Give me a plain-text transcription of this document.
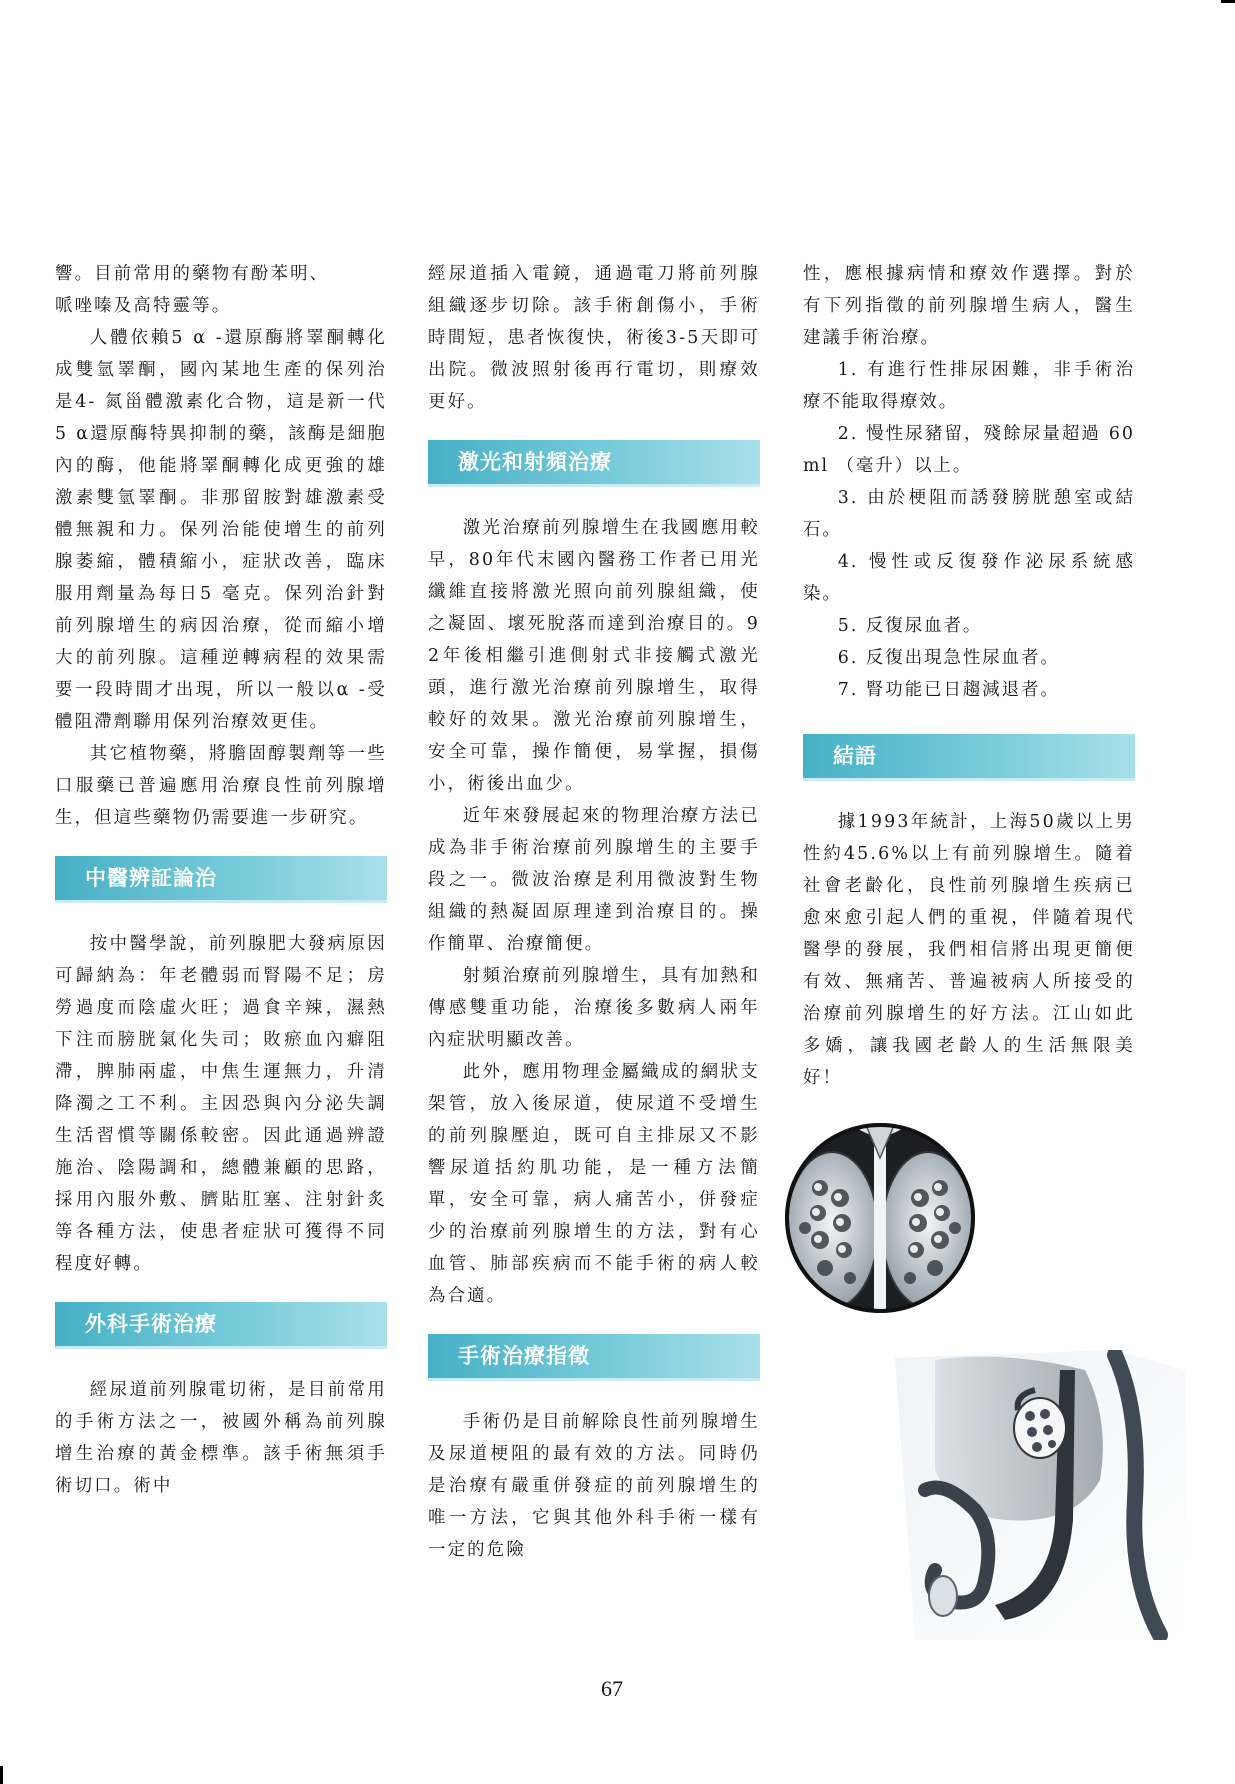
響。目前常用的藥物有酚苯明、
哌唑嗪及高特靈等。

人體依賴5 α -還原酶將睪酮轉化成雙氫睪酮，國內某地生產的保列治是4- 氮甾體激素化合物，這是新一代5 α還原酶特異抑制的藥，該酶是細胞內的酶，他能將睪酮轉化成更強的雄激素雙氫睪酮。非那留胺對雄激素受體無親和力。保列治能使增生的前列腺萎縮，體積縮小，症狀改善，臨床服用劑量為每日5 毫克。保列治針對前列腺增生的病因治療，從而縮小增大的前列腺。這種逆轉病程的效果需要一段時間才出現，所以一般以α -受體阻滯劑聯用保列治療效更佳。

其它植物藥，將膽固醇製劑等一些口服藥已普遍應用治療良性前列腺增生，但這些藥物仍需要進一步研究。

中醫辨証論治

按中醫學說，前列腺肥大發病原因可歸納為：年老體弱而腎陽不足；房勞過度而陰虛火旺；過食辛辣，濕熱下注而膀胱氣化失司；敗瘀血內癖阻滯，脾肺兩虛，中焦生運無力，升清降濁之工不利。主因恐與內分泌失調生活習慣等關係較密。因此通過辨證施治、陰陽調和，總體兼顧的思路，採用內服外敷、臍貼肛塞、注射針炙等各種方法，使患者症狀可獲得不同程度好轉。

外科手術治療

經尿道前列腺電切術，是目前常用的手術方法之一，被國外稱為前列腺增生治療的黃金標準。該手術無須手術切口。術中

經尿道插入電鏡，通過電刀將前列腺組織逐步切除。該手術創傷小，手術時間短，患者恢復快，術後3-5天即可出院。微波照射後再行電切，則療效更好。

激光和射頻治療

激光治療前列腺增生在我國應用較早，80年代末國內醫務工作者已用光纖維直接將激光照向前列腺組織，使之凝固、壞死脫落而達到治療目的。92年後相繼引進側射式非接觸式激光頭，進行激光治療前列腺增生，取得較好的效果。激光治療前列腺增生，安全可靠，操作簡便，易掌握，損傷小，術後出血少。

近年來發展起來的物理治療方法已成為非手術治療前列腺增生的主要手段之一。微波治療是利用微波對生物組織的熱凝固原理達到治療目的。操作簡單、治療簡便。

射頻治療前列腺增生，具有加熱和傳感雙重功能，治療後多數病人兩年內症狀明顯改善。

此外，應用物理金屬織成的網狀支架管，放入後尿道，使尿道不受增生的前列腺壓迫，既可自主排尿又不影響尿道括約肌功能，是一種方法簡單，安全可靠，病人痛苦小，併發症少的治療前列腺增生的方法，對有心血管、肺部疾病而不能手術的病人較為合適。

手術治療指徵

手術仍是目前解除良性前列腺增生及尿道梗阻的最有效的方法。同時仍是治療有嚴重併發症的前列腺增生的唯一方法，它與其他外科手術一樣有一定的危險

性，應根據病情和療效作選擇。對於有下列指徵的前列腺增生病人，醫生建議手術治療。

1. 有進行性排尿困難，非手術治療不能取得療效。

2. 慢性尿豬留，殘餘尿量超過 60ml （毫升）以上。

3. 由於梗阻而誘發膀胱憩室或結石。

4. 慢性或反復發作泌尿系統感染。

5. 反復尿血者。

6. 反復出現急性尿血者。

7. 腎功能已日趨減退者。

結語

據1993年統計，上海50歲以上男性約45.6%以上有前列腺增生。隨着社會老齡化，良性前列腺增生疾病已愈來愈引起人們的重視，伴隨着現代醫學的發展，我們相信將出現更簡便有效、無痛苦、普遍被病人所接受的治療前列腺增生的好方法。江山如此多嬌，讓我國老齡人的生活無限美好！

67
